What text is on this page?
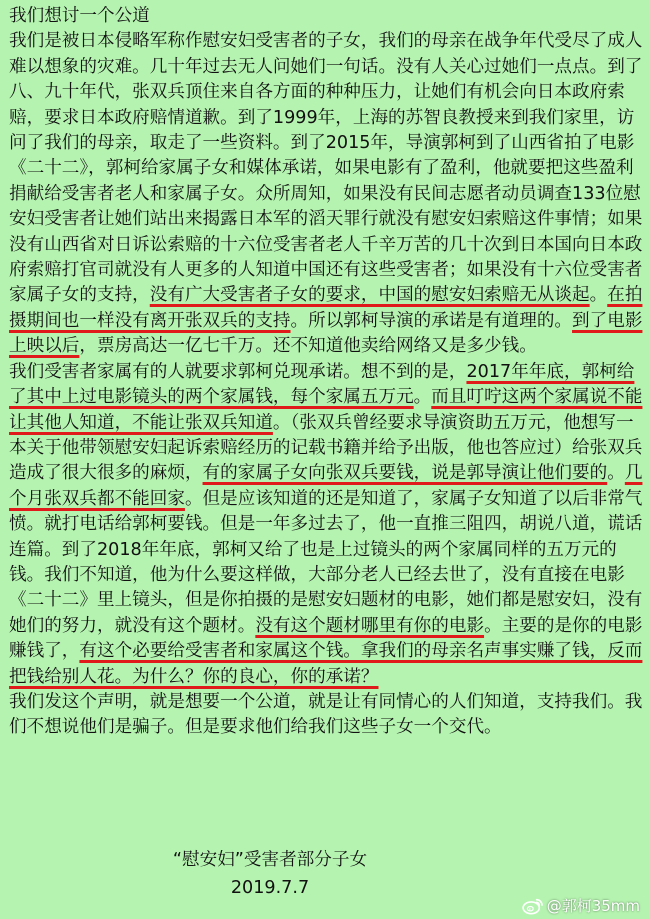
我们想讨一个公道

我们是被日本侵略军称作慰安妇受害者的子女，我们的母亲在战争年代受尽了成人难以想象的灾难。几十年过去无人问她们一句话。没有人关心过她们一点点。到了八、九十年代，张双兵顶住来自各方面的种种压力，让她们有机会向日本政府索赔，要求日本政府赔情道歉。到了1999年，上海的苏智良教授来到我们家里，访问了我们的母亲，取走了一些资料。到了2015年，导演郭柯到了山西省拍了电影《二十二》，郭柯给家属子女和媒体承诺，如果电影有了盈利，他就要把这些盈利捐献给受害者老人和家属子女。众所周知，如果没有民间志愿者动员调查133位慰安妇受害者让她们站出来揭露日本军的滔天罪行就没有慰安妇索赔这件事情；如果没有山西省对日诉讼索赔的十六位受害者老人千辛万苦的几十次到日本国向日本政府索赔打官司就没有人更多的人知道中国还有这些受害者；如果没有十六位受害者家属子女的支持，没有广大受害者子女的要求，中国的慰安妇索赔无从谈起。在拍摄期间也一样没有离开张双兵的支持。所以郭柯导演的承诺是有道理的。到了电影上映以后，票房高达一亿七千万。还不知道他卖给网络又是多少钱。

我们受害者家属有的人就要求郭柯兑现承诺。想不到的是，2017年年底，郭柯给了其中上过电影镜头的两个家属钱，每个家属五万元。而且叮咛这两个家属说不能让其他人知道，不能让张双兵知道。（张双兵曾经要求导演资助五万元，他想写一本关于他带领慰安妇起诉索赔经历的记载书籍并给予出版，他也答应过）给张双兵造成了很大很多的麻烦，有的家属子女向张双兵要钱，说是郭导演让他们要的。几个月张双兵都不能回家。但是应该知道的还是知道了，家属子女知道了以后非常气愤。就打电话给郭柯要钱。但是一年多过去了，他一直推三阻四，胡说八道，谎话连篇。到了2018年年底，郭柯又给了也是上过镜头的两个家属同样的五万元的钱。我们不知道，他为什么要这样做，大部分老人已经去世了，没有直接在电影《二十二》里上镜头，但是你拍摄的是慰安妇题材的电影，她们都是慰安妇，没有她们的努力，就没有这个题材。没有这个题材哪里有你的电影。主要的是你的电影赚钱了，有这个必要给受害者和家属这个钱。拿我们的母亲名声事实赚了钱，反而把钱给别人花。为什么？你的良心，你的承诺？

我们发这个声明，就是想要一个公道，就是让有同情心的人们知道，支持我们。我们不想说他们是骗子。但是要求他们给我们这些子女一个交代。

“慰安妇”受害者部分子女
2019.7.7
@郭柯35mm
